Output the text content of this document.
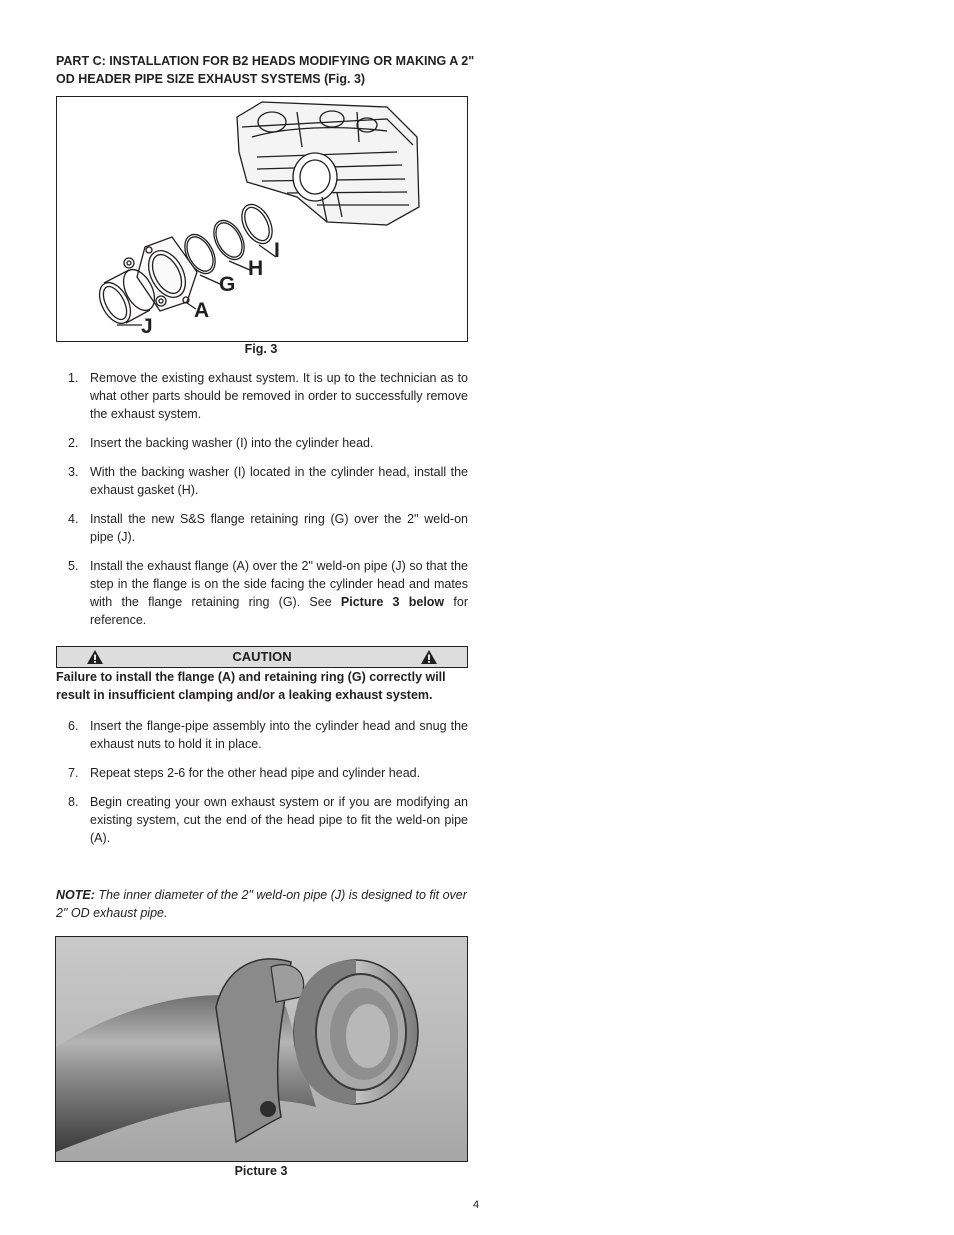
PART C: INSTALLATION FOR B2 HEADS MODIFYING OR MAKING A 2" OD HEADER PIPE SIZE EXHAUST SYSTEMS (Fig. 3)
I
H
G
A
J
Fig. 3
1. Remove the existing exhaust system. It is up to the technician as to what other parts should be removed in order to successfully remove the exhaust system.
2. Insert the backing washer (I) into the cylinder head.
3. With the backing washer (I) located in the cylinder head, install the exhaust gasket (H).
4. Install the new S&S flange retaining ring (G) over the 2" weld-on pipe (J).
5. Install the exhaust flange (A) over the 2" weld-on pipe (J) so that the step in the flange is on the side facing the cylinder head and mates with the flange retaining ring (G). See Picture 3 below for reference.
CAUTION
Failure to install the flange (A) and retaining ring (G) correctly will result in insufficient clamping and/or a leaking exhaust system.
6. Insert the flange-pipe assembly into the cylinder head and snug the exhaust nuts to hold it in place.
7. Repeat steps 2-6 for the other head pipe and cylinder head.
8. Begin creating your own exhaust system or if you are modifying an existing system, cut the end of the head pipe to fit the weld-on pipe (A).
NOTE: The inner diameter of the 2" weld-on pipe (J) is designed to fit over 2" OD exhaust pipe.
Picture 3
4
